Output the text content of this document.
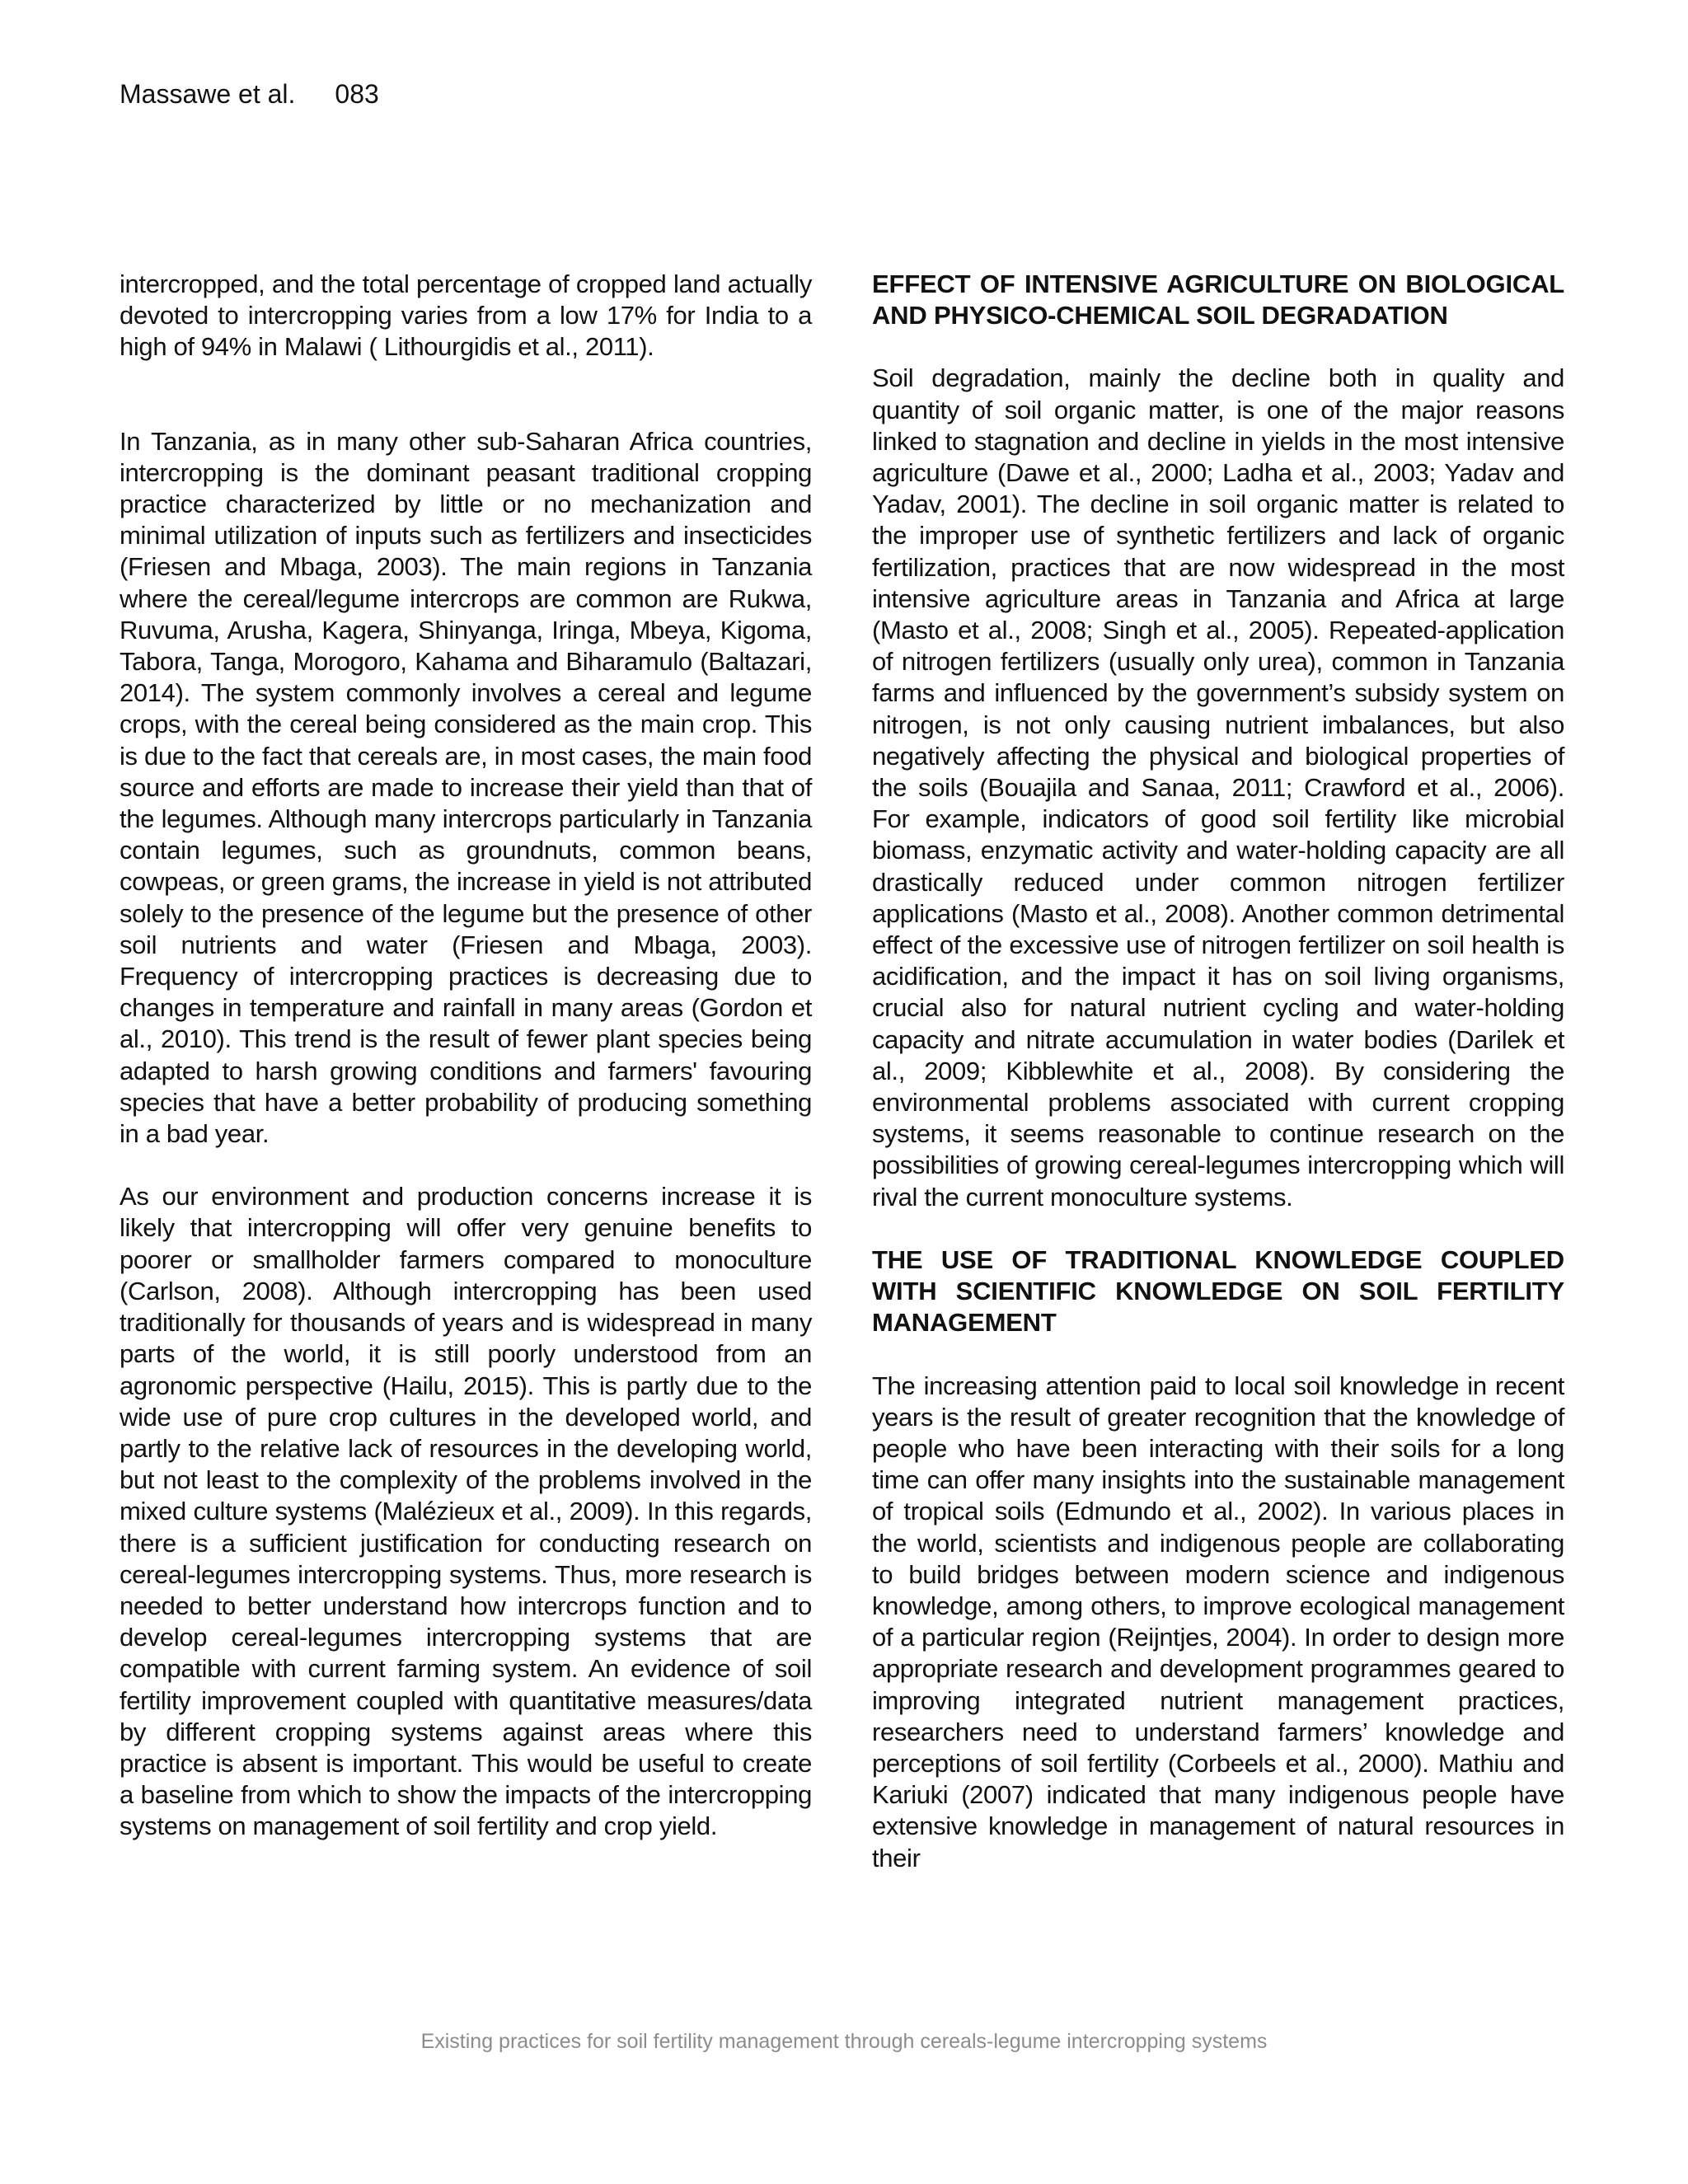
Massawe et al. 083

intercropped, and the total percentage of cropped land actually devoted to intercropping varies from a low 17% for India to a high of 94% in Malawi ( Lithourgidis et al., 2011).

In Tanzania, as in many other sub-Saharan Africa countries, intercropping is the dominant peasant traditional cropping practice characterized by little or no mechanization and minimal utilization of inputs such as fertilizers and insecticides (Friesen and Mbaga, 2003). The main regions in Tanzania where the cereal/legume intercrops are common are Rukwa, Ruvuma, Arusha, Kagera, Shinyanga, Iringa, Mbeya, Kigoma, Tabora, Tanga, Morogoro, Kahama and Biharamulo (Baltazari, 2014). The system commonly involves a cereal and legume crops, with the cereal being considered as the main crop. This is due to the fact that cereals are, in most cases, the main food source and efforts are made to increase their yield than that of the legumes. Although many intercrops particularly in Tanzania contain legumes, such as groundnuts, common beans, cowpeas, or green grams, the increase in yield is not attributed solely to the presence of the legume but the presence of other soil nutrients and water (Friesen and Mbaga, 2003). Frequency of intercropping practices is decreasing due to changes in temperature and rainfall in many areas (Gordon et al., 2010). This trend is the result of fewer plant species being adapted to harsh growing conditions and farmers' favouring species that have a better probability of producing something in a bad year.

As our environment and production concerns increase it is likely that intercropping will offer very genuine benefits to poorer or smallholder farmers compared to monoculture (Carlson, 2008). Although intercropping has been used traditionally for thousands of years and is widespread in many parts of the world, it is still poorly understood from an agronomic perspective (Hailu, 2015). This is partly due to the wide use of pure crop cultures in the developed world, and partly to the relative lack of resources in the developing world, but not least to the complexity of the problems involved in the mixed culture systems (Malézieux et al., 2009). In this regards, there is a sufficient justification for conducting research on cereal-legumes intercropping systems. Thus, more research is needed to better understand how intercrops function and to develop cereal-legumes intercropping systems that are compatible with current farming system. An evidence of soil fertility improvement coupled with quantitative measures/data by different cropping systems against areas where this practice is absent is important. This would be useful to create a baseline from which to show the impacts of the intercropping systems on management of soil fertility and crop yield.

EFFECT OF INTENSIVE AGRICULTURE ON BIOLOGICAL AND PHYSICO-CHEMICAL SOIL DEGRADATION

Soil degradation, mainly the decline both in quality and quantity of soil organic matter, is one of the major reasons linked to stagnation and decline in yields in the most intensive agriculture (Dawe et al., 2000; Ladha et al., 2003; Yadav and Yadav, 2001). The decline in soil organic matter is related to the improper use of synthetic fertilizers and lack of organic fertilization, practices that are now widespread in the most intensive agriculture areas in Tanzania and Africa at large (Masto et al., 2008; Singh et al., 2005). Repeated-application of nitrogen fertilizers (usually only urea), common in Tanzania farms and influenced by the government’s subsidy system on nitrogen, is not only causing nutrient imbalances, but also negatively affecting the physical and biological properties of the soils (Bouajila and Sanaa, 2011; Crawford et al., 2006). For example, indicators of good soil fertility like microbial biomass, enzymatic activity and water-holding capacity are all drastically reduced under common nitrogen fertilizer applications (Masto et al., 2008). Another common detrimental effect of the excessive use of nitrogen fertilizer on soil health is acidification, and the impact it has on soil living organisms, crucial also for natural nutrient cycling and water-holding capacity and nitrate accumulation in water bodies (Darilek et al., 2009; Kibblewhite et al., 2008). By considering the environmental problems associated with current cropping systems, it seems reasonable to continue research on the possibilities of growing cereal-legumes intercropping which will rival the current monoculture systems.

THE USE OF TRADITIONAL KNOWLEDGE COUPLED WITH SCIENTIFIC KNOWLEDGE ON SOIL FERTILITY MANAGEMENT

The increasing attention paid to local soil knowledge in recent years is the result of greater recognition that the knowledge of people who have been interacting with their soils for a long time can offer many insights into the sustainable management of tropical soils (Edmundo et al., 2002). In various places in the world, scientists and indigenous people are collaborating to build bridges between modern science and indigenous knowledge, among others, to improve ecological management of a particular region (Reijntjes, 2004). In order to design more appropriate research and development programmes geared to improving integrated nutrient management practices, researchers need to understand farmers’ knowledge and perceptions of soil fertility (Corbeels et al., 2000). Mathiu and Kariuki (2007) indicated that many indigenous people have extensive knowledge in management of natural resources in their

Existing practices for soil fertility management through cereals-legume intercropping systems
